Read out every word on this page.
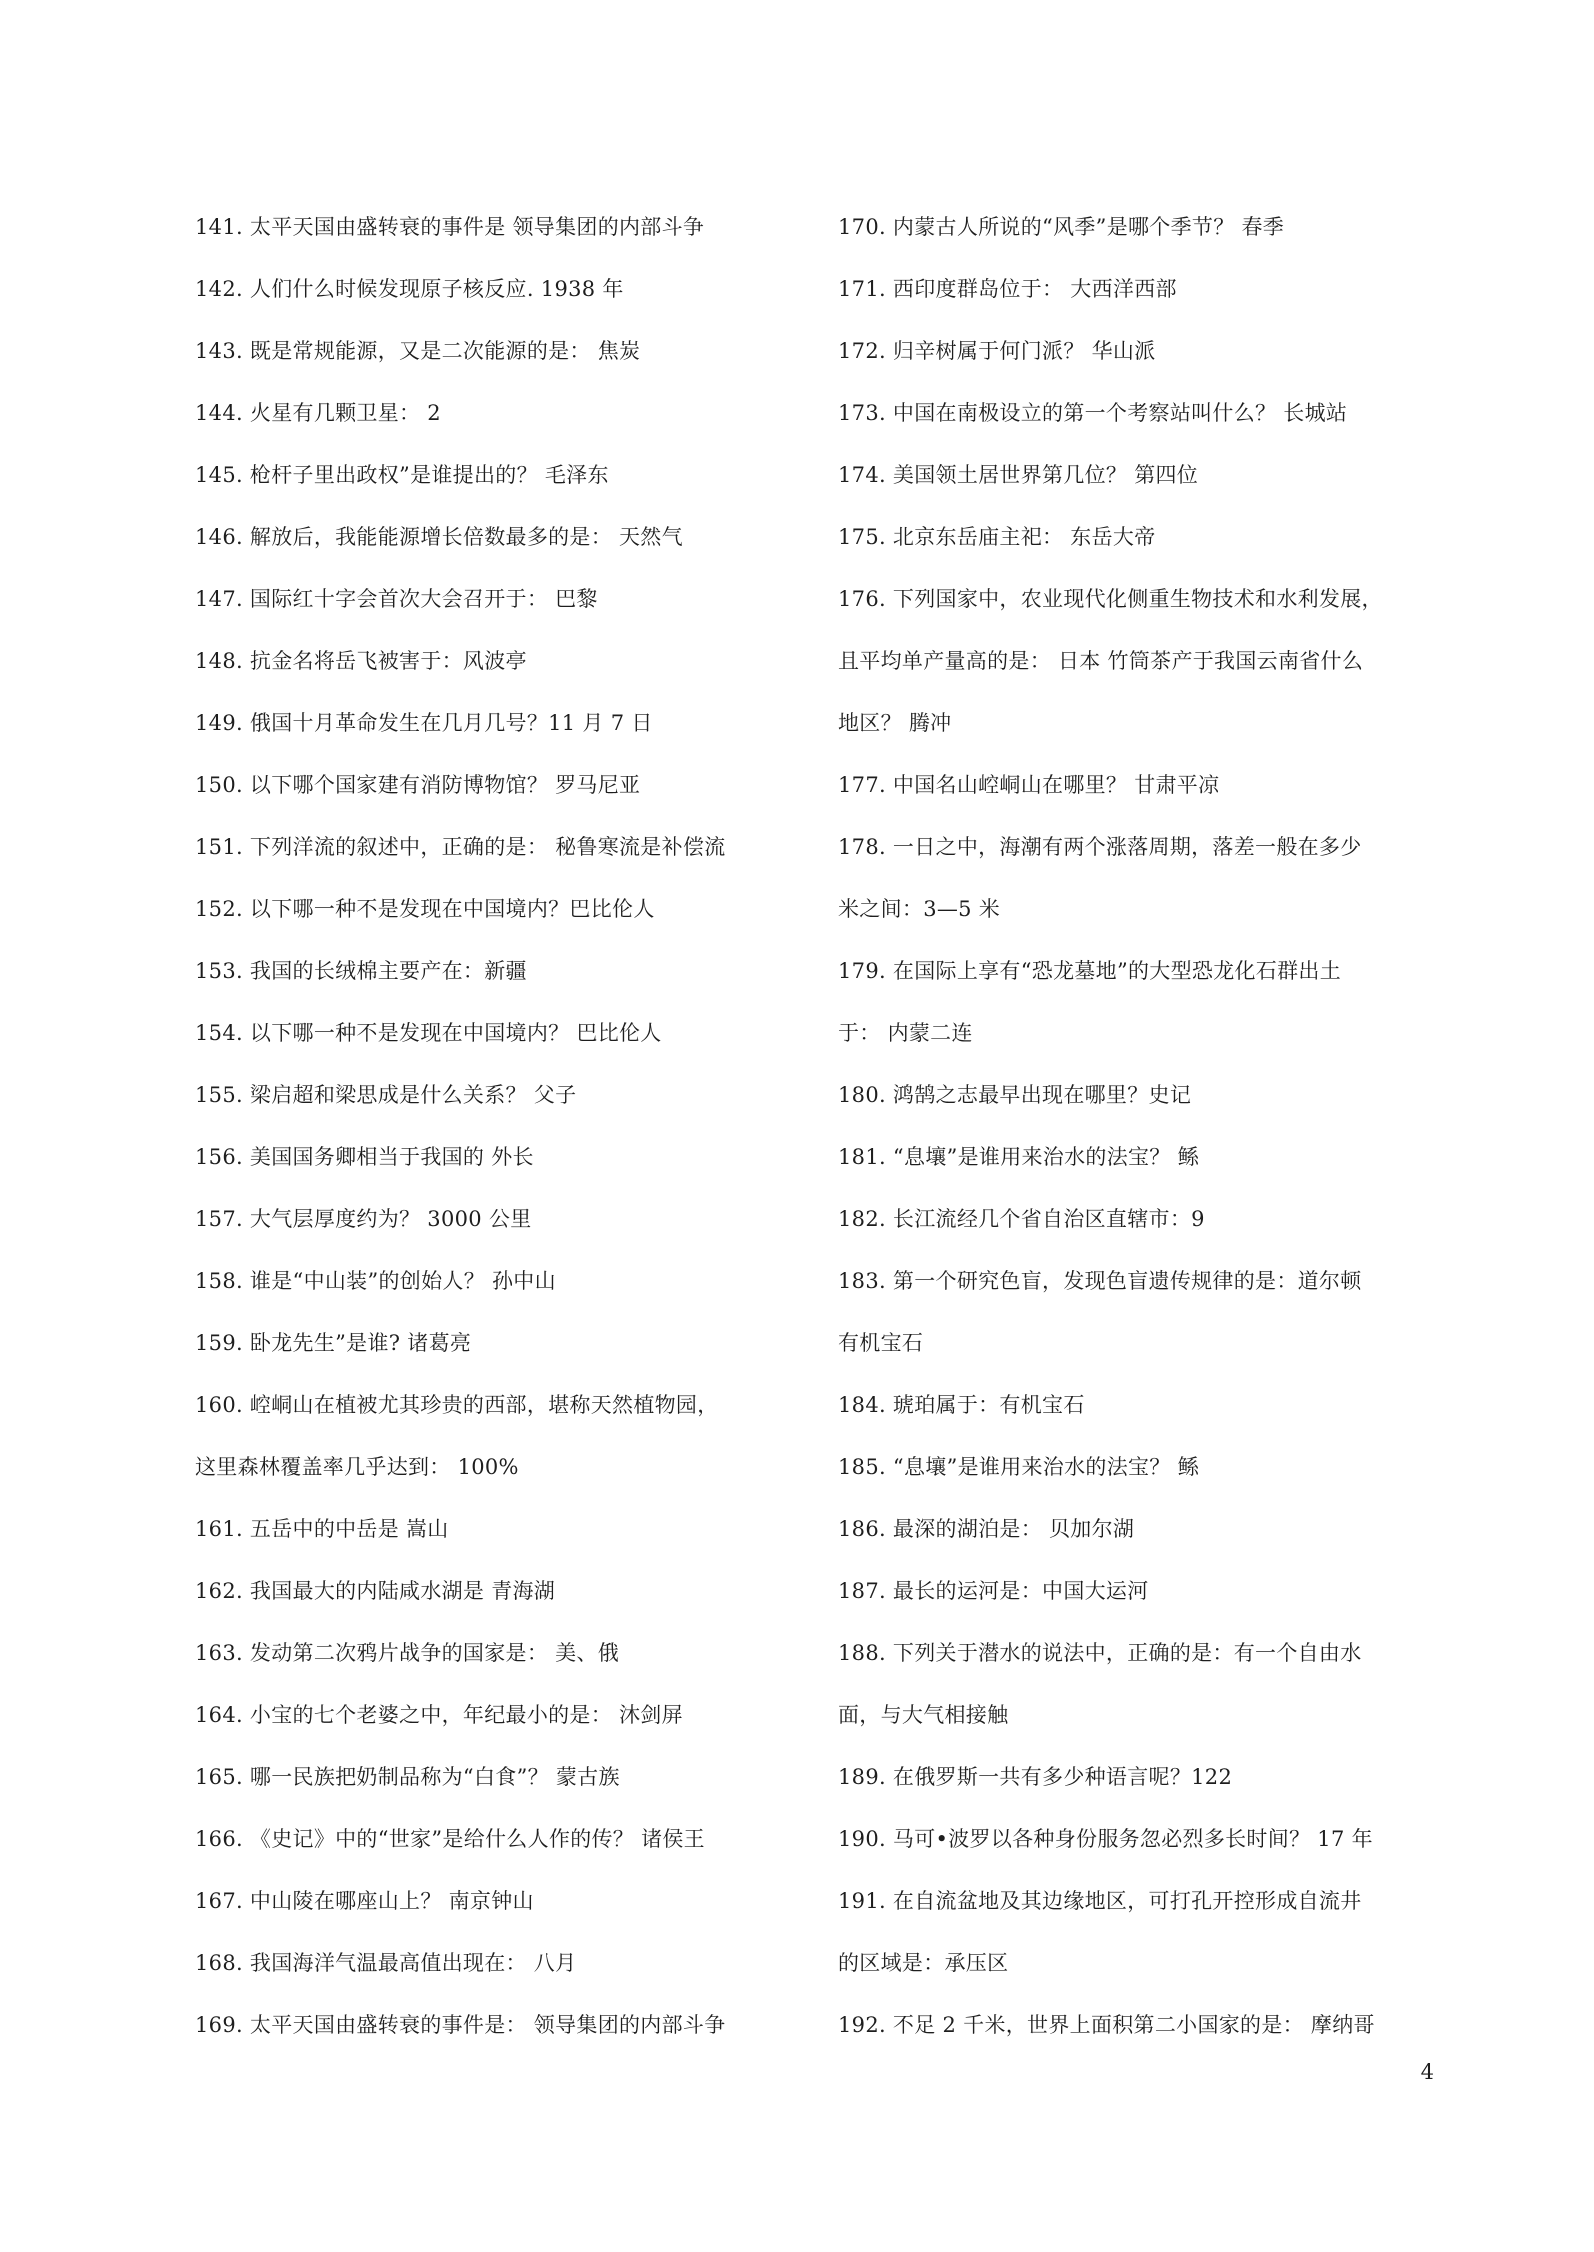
141. 太平天国由盛转衰的事件是 领导集团的内部斗争
142. 人们什么时候发现原子核反应. 1938 年
143. 既是常规能源，又是二次能源的是： 焦炭
144. 火星有几颗卫星： 2
145. 枪杆子里出政权”是谁提出的？ 毛泽东
146. 解放后，我能能源增长倍数最多的是： 天然气
147. 国际红十字会首次大会召开于： 巴黎
148. 抗金名将岳飞被害于：风波亭
149. 俄国十月革命发生在几月几号？11 月 7 日
150. 以下哪个国家建有消防博物馆？ 罗马尼亚
151. 下列洋流的叙述中，正确的是： 秘鲁寒流是补偿流
152. 以下哪一种不是发现在中国境内？巴比伦人
153. 我国的长绒棉主要产在：新疆
154. 以下哪一种不是发现在中国境内？ 巴比伦人
155. 梁启超和梁思成是什么关系？ 父子
156. 美国国务卿相当于我国的 外长
157. 大气层厚度约为？ 3000 公里
158. 谁是“中山装”的创始人？ 孙中山
159. 卧龙先生”是谁? 诸葛亮
160. 崆峒山在植被尤其珍贵的西部，堪称天然植物园，
这里森林覆盖率几乎达到： 100%
161. 五岳中的中岳是 嵩山
162. 我国最大的内陆咸水湖是 青海湖
163. 发动第二次鸦片战争的国家是： 美、俄
164. 小宝的七个老婆之中，年纪最小的是： 沐剑屏
165. 哪一民族把奶制品称为“白食”？ 蒙古族
166. 《史记》中的“世家”是给什么人作的传？ 诸侯王
167. 中山陵在哪座山上？ 南京钟山
168. 我国海洋气温最高值出现在： 八月
169. 太平天国由盛转衰的事件是： 领导集团的内部斗争
170. 内蒙古人所说的“风季”是哪个季节？ 春季
171. 西印度群岛位于： 大西洋西部
172. 归辛树属于何门派？ 华山派
173. 中国在南极设立的第一个考察站叫什么？ 长城站
174. 美国领土居世界第几位？ 第四位
175. 北京东岳庙主祀： 东岳大帝
176. 下列国家中，农业现代化侧重生物技术和水利发展，
且平均单产量高的是： 日本 竹筒茶产于我国云南省什么
地区？ 腾冲
177. 中国名山崆峒山在哪里？ 甘肃平凉
178. 一日之中，海潮有两个涨落周期，落差一般在多少
米之间：3—5 米
179. 在国际上享有“恐龙墓地”的大型恐龙化石群出土
于： 内蒙二连
180. 鸿鹄之志最早出现在哪里？史记
181. “息壤”是谁用来治水的法宝？ 鲧
182. 长江流经几个省自治区直辖市：9
183. 第一个研究色盲，发现色盲遗传规律的是：道尔顿
有机宝石
184. 琥珀属于：有机宝石
185. “息壤”是谁用来治水的法宝？ 鲧
186. 最深的湖泊是： 贝加尔湖
187. 最长的运河是：中国大运河
188. 下列关于潜水的说法中，正确的是：有一个自由水
面，与大气相接触
189. 在俄罗斯一共有多少种语言呢？122
190. 马可•波罗以各种身份服务忽必烈多长时间？ 17 年
191. 在自流盆地及其边缘地区，可打孔开控形成自流井
的区域是：承压区
192. 不足 2 千米，世界上面积第二小国家的是： 摩纳哥
4
